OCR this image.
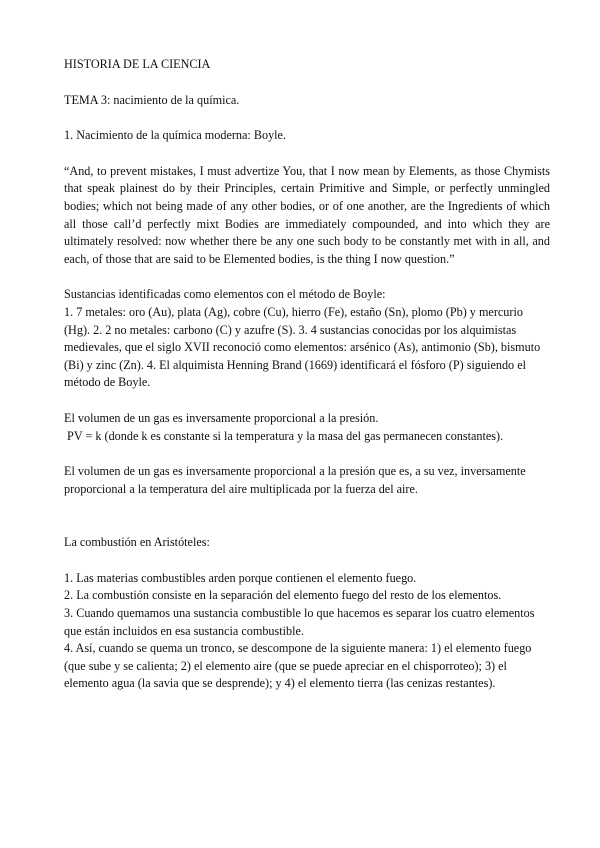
HISTORIA DE LA CIENCIA

TEMA 3: nacimiento de la química.

1. Nacimiento de la química moderna: Boyle.

“And, to prevent mistakes, I must advertize You, that I now mean by Elements, as those Chymists that speak plainest do by their Principles, certain Primitive and Simple, or perfectly unmingled bodies; which not being made of any other bodies, or of one another, are the Ingredients of which all those call’d perfectly mixt Bodies are immediately compounded, and into which they are ultimately resolved: now whether there be any one such body to be constantly met with in all, and each, of those that are said to be Elemented bodies, is the thing I now question.”

Sustancias identificadas como elementos con el método de Boyle:
1. 7 metales: oro (Au), plata (Ag), cobre (Cu), hierro (Fe), estaño (Sn), plomo (Pb) y mercurio (Hg). 2. 2 no metales: carbono (C) y azufre (S). 3. 4 sustancias conocidas por los alquimistas medievales, que el siglo XVII reconoció como elementos: arsénico (As), antimonio (Sb), bismuto (Bi) y zinc (Zn). 4. El alquimista Henning Brand (1669) identificará el fósforo (P) siguiendo el método de Boyle.
El volumen de un gas es inversamente proporcional a la presión.
PV = k (donde k es constante si la temperatura y la masa del gas permanecen constantes).

El volumen de un gas es inversamente proporcional a la presión que es, a su vez, inversamente proporcional a la temperatura del aire multiplicada por la fuerza del aire.

La combustión en Aristóteles:

1. Las materias combustibles arden porque contienen el elemento fuego.
2. La combustión consiste en la separación del elemento fuego del resto de los elementos.
3. Cuando quemamos una sustancia combustible lo que hacemos es separar los cuatro elementos que están incluidos en esa sustancia combustible.
4. Así, cuando se quema un tronco, se descompone de la siguiente manera: 1) el elemento fuego (que sube y se calienta; 2) el elemento aire (que se puede apreciar en el chisporroteo); 3) el elemento agua (la savia que se desprende); y 4) el elemento tierra (las cenizas restantes).
